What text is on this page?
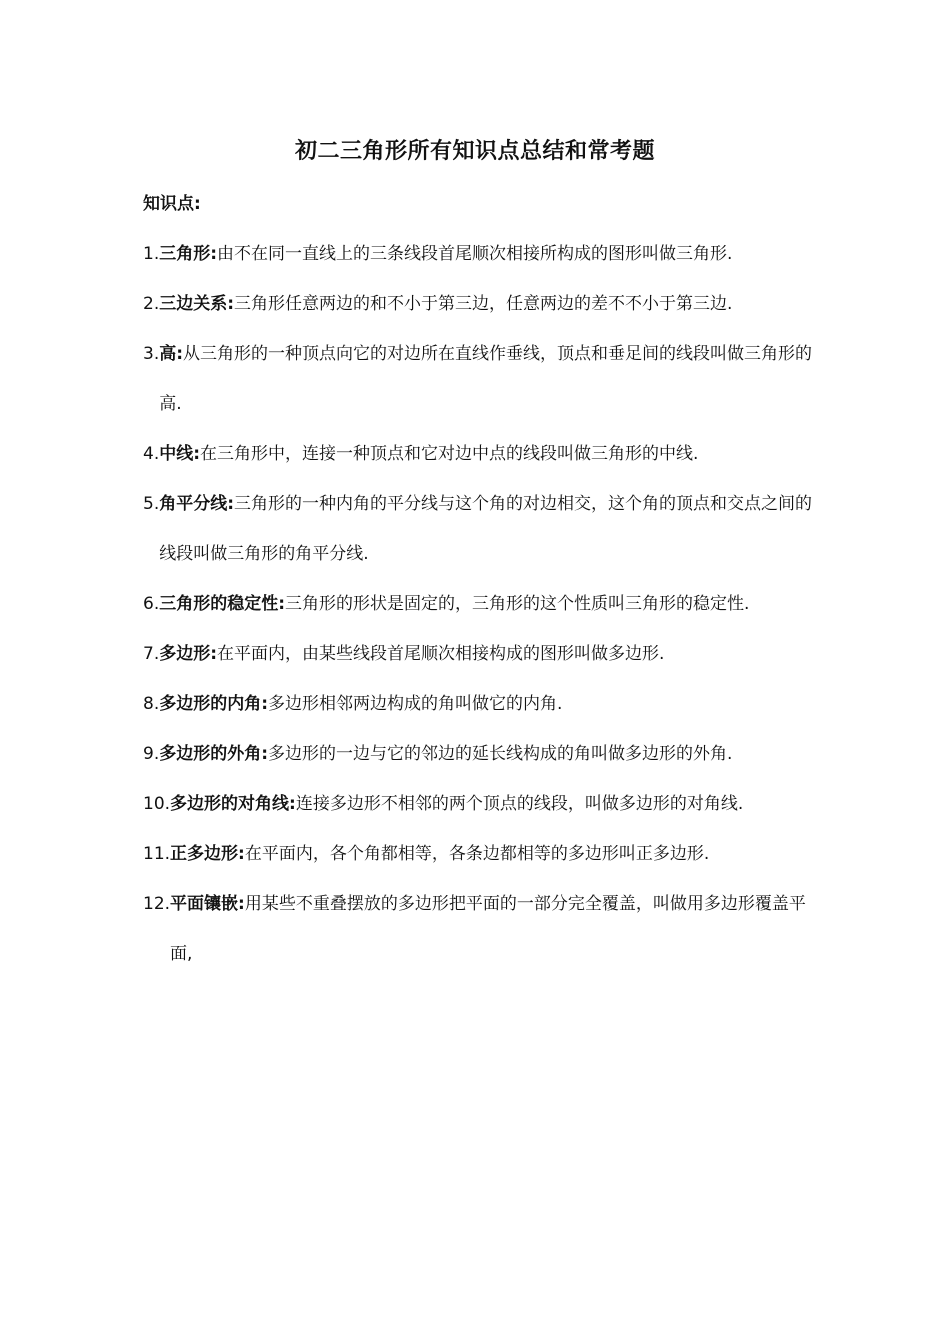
初二三角形所有知识点总结和常考题
知识点:
1. 三角形:由不在同一直线上的三条线段首尾顺次相接所构成的图形叫做三角形.
2.三边关系:三角形任意两边的和不小于第三边，任意两边的差不不小于第三边.
3. 高:从三角形的一种顶点向它的对边所在直线作垂线，顶点和垂足间的线段叫做三角形的高.
4. 中线:在三角形中，连接一种顶点和它对边中点的线段叫做三角形的中线.
5. 角平分线:三角形的一种内角的平分线与这个角的对边相交，这个角的顶点和交点之间的线段叫做三角形的角平分线.
6. 三角形的稳定性:三角形的形状是固定的，三角形的这个性质叫三角形的稳定性.
7. 多边形:在平面内，由某些线段首尾顺次相接构成的图形叫做多边形.
8. 多边形的内角:多边形相邻两边构成的角叫做它的内角.
9. 多边形的外角:多边形的一边与它的邻边的延长线构成的角叫做多边形的外角.
10. 多边形的对角线:连接多边形不相邻的两个顶点的线段，叫做多边形的对角线.
11. 正多边形:在平面内，各个角都相等，各条边都相等的多边形叫正多边形.
12. 平面镶嵌:用某些不重叠摆放的多边形把平面的一部分完全覆盖，叫做用多边形覆盖平面,
